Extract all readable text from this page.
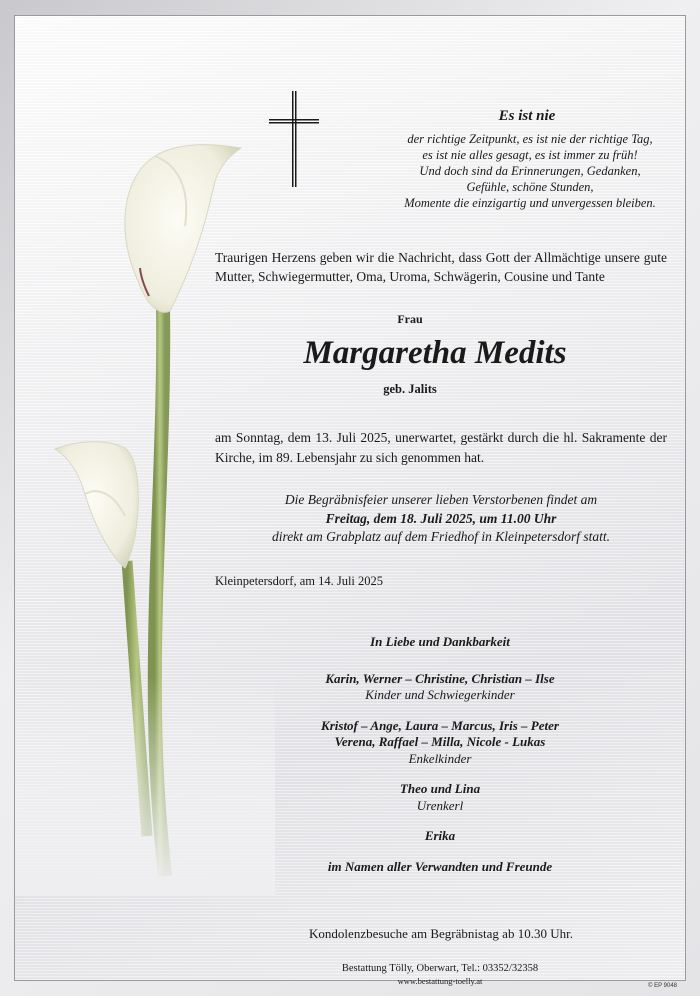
Es ist nie
der richtige Zeitpunkt, es ist nie der richtige Tag,
es ist nie alles gesagt, es ist immer zu früh!
Und doch sind da Erinnerungen, Gedanken,
Gefühle, schöne Stunden,
Momente die einzigartig und unvergessen bleiben.
Traurigen Herzens geben wir die Nachricht, dass Gott der Allmächtige unsere gute Mutter, Schwiegermutter, Oma, Uroma, Schwägerin, Cousine und Tante
Frau
Margaretha Medits
geb. Jalits
am Sonntag, dem 13. Juli 2025, unerwartet, gestärkt durch die hl. Sakramente der Kirche, im 89. Lebensjahr zu sich genommen hat.
Die Begräbnisfeier unserer lieben Verstorbenen findet am
Freitag, dem 18. Juli 2025, um 11.00 Uhr
direkt am Grabplatz auf dem Friedhof in Kleinpetersdorf statt.
Kleinpetersdorf, am 14. Juli 2025
In Liebe und Dankbarkeit
Karin, Werner – Christine, Christian – Ilse
Kinder und Schwiegerkinder
Kristof – Ange, Laura – Marcus, Iris – Peter
Verena, Raffael – Milla, Nicole - Lukas
Enkelkinder
Theo und Lina
Urenkerl
Erika
im Namen aller Verwandten und Freunde
Kondolenzbesuche am Begräbnistag ab 10.30 Uhr.
Bestattung Tölly, Oberwart, Tel.: 03352/32358
www.bestattung-toelly.at	© EP 9048
